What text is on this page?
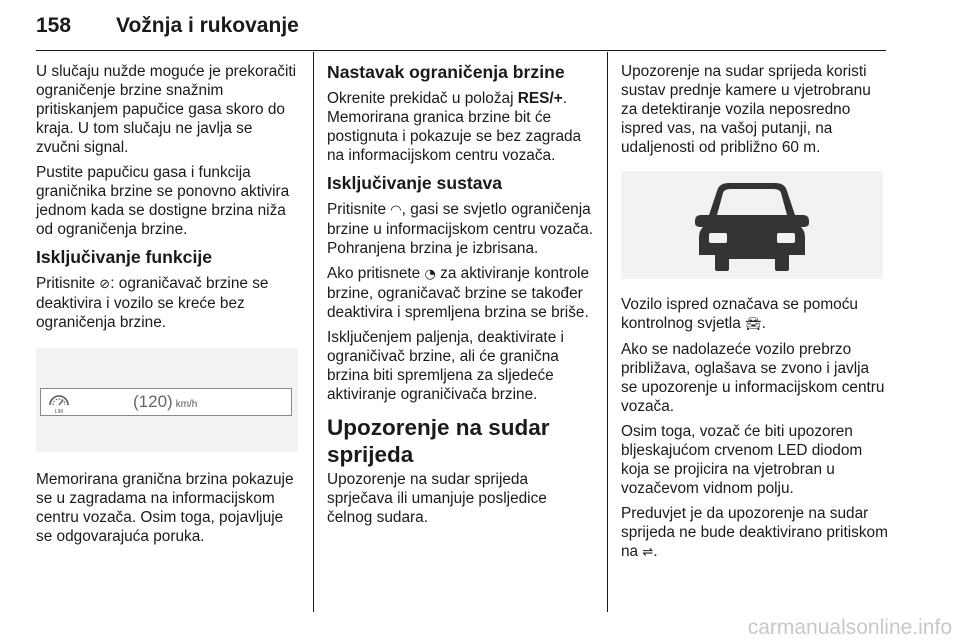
158 Vožnja i rukovanje

U slučaju nužde moguće je prekoračiti ograničenje brzine snažnim pritiskanjem papučice gasa skoro do kraja. U tom slučaju ne javlja se zvučni signal.

Pustite papučicu gasa i funkcija graničnika brzine se ponovno aktivira jednom kada se dostigne brzina niža od ograničenja brzine.

Isključivanje funkcije

Pritisnite ⊘: ograničavač brzine se deaktivira i vozilo se kreće bez ograničenja brzine.

LIM
(120) km/h

Memorirana granična brzina pokazuje se u zagradama na informacijskom centru vozača. Osim toga, pojavljuje se odgovarajuća poruka.

Nastavak ograničenja brzine

Okrenite prekidač u položaj RES/+. Memorirana granica brzine bit će postignuta i pokazuje se bez zagrada na informacijskom centru vozača.

Isključivanje sustava

Pritisnite ◠, gasi se svjetlo ograničenja brzine u informacijskom centru vozača. Pohranjena brzina je izbrisana.

Ako pritisnete ◔ za aktiviranje kontrole brzine, ograničavač brzine se također deaktivira i spremljena brzina se briše.

Isključenjem paljenja, deaktivirate i ograničivač brzine, ali će granična brzina biti spremljena za sljedeće aktiviranje ograničivača brzine.

Upozorenje na sudar sprijeda

Upozorenje na sudar sprijeda sprječava ili umanjuje posljedice čelnog sudara.

Upozorenje na sudar sprijeda koristi sustav prednje kamere u vjetrobranu za detektiranje vozila neposredno ispred vas, na vašoj putanji, na udaljenosti od približno 60 m.

Vozilo ispred označava se pomoću kontrolnog svjetla 🚘︎.

Ako se nadolazeće vozilo prebrzo približava, oglašava se zvono i javlja se upozorenje u informacijskom centru vozača.

Osim toga, vozač će biti upozoren bljeskajućom crvenom LED diodom koja se projicira na vjetrobran u vozačevom vidnom polju.

Preduvjet je da upozorenje na sudar sprijeda ne bude deaktivirano pritiskom na ⇌.

carmanualsonline.info
